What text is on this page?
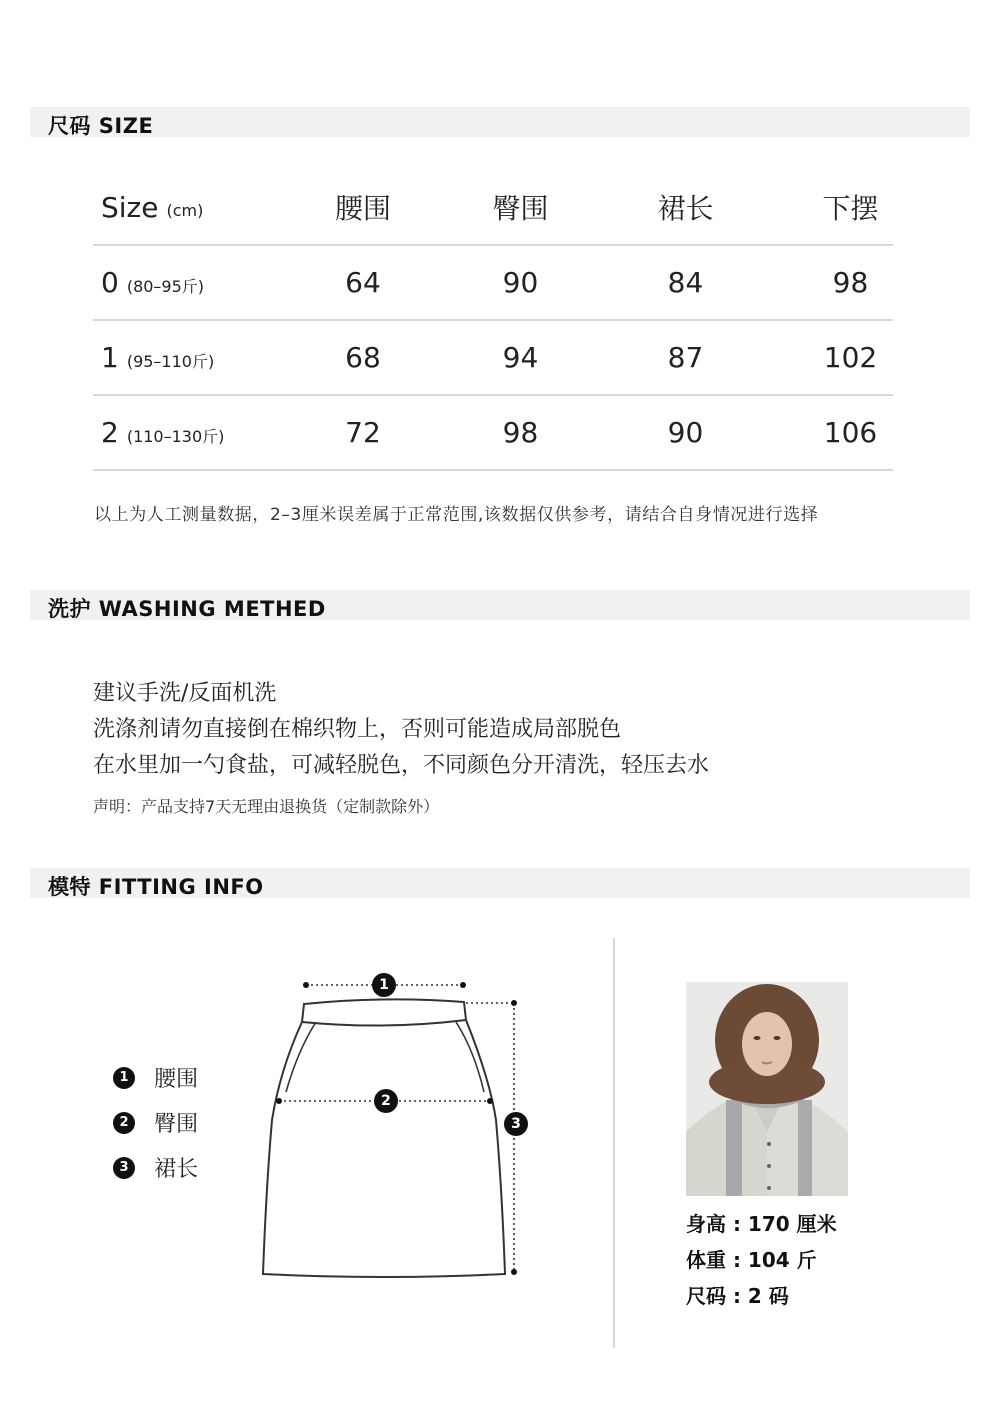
尺码 SIZE
洗护 WASHING METHED
模特 FITTING INFO
Size (cm)	腰围	臀围	裙长	下摆
0 (80–95斤)	64	90	84	98
1 (95–110斤)	68	94	87	102
2 (110–130斤)	72	98	90	106
以上为人工测量数据，2–3厘米误差属于正常范围,该数据仅供参考，请结合自身情况进行选择
建议手洗/反面机洗
洗涤剂请勿直接倒在棉织物上，否则可能造成局部脱色
在水里加一勺食盐，可减轻脱色，不同颜色分开清洗，轻压去水
声明：产品支持7天无理由退换货（定制款除外）
1 腰围
2 臀围
3 裙长
1
2
3
身高 : 170 厘米
体重 : 104 斤
尺码 : 2 码
